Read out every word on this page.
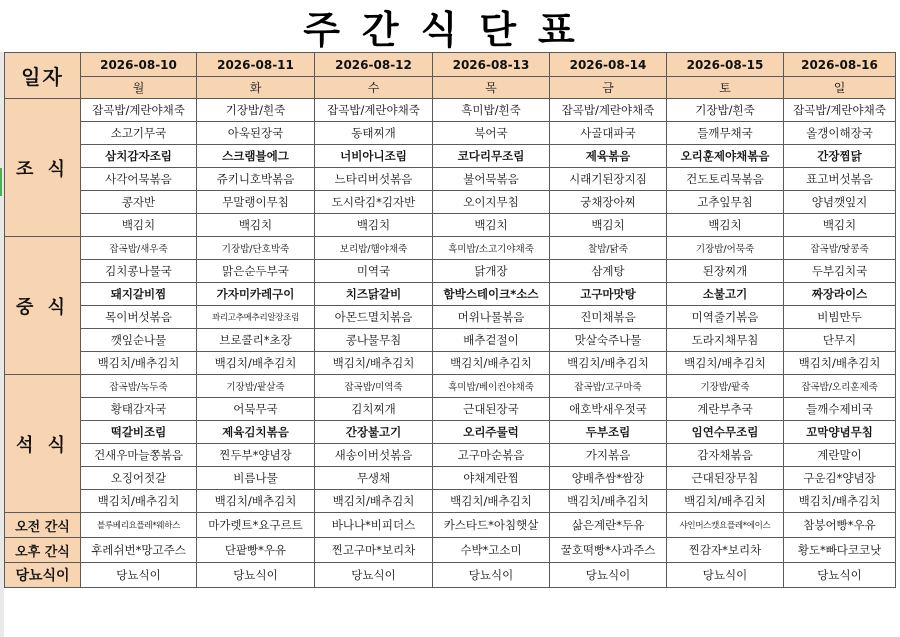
주간식단표
일자	2026-08-10	2026-08-11	2026-08-12	2026-08-13	2026-08-14	2026-08-15	2026-08-16
	월	화	수	목	금	토	일
조 식	잡곡밥/계란야채죽	기장밥/흰죽	잡곡밥/계란야채죽	흑미밥/흰죽	잡곡밥/계란야채죽	기장밥/흰죽	잡곡밥/계란야채죽
	소고기무국	아욱된장국	동태찌개	북어국	사골대파국	들깨무채국	올갱이해장국
	삼치감자조림	스크램블에그	너비아니조림	코다리무조림	제육볶음	오리훈제야채볶음	간장찜닭
	사각어묵볶음	쥬키니호박볶음	느타리버섯볶음	불어묵볶음	시래기된장지짐	건도토리묵볶음	표고버섯볶음
	콩자반	무말랭이무침	도시락김*김자반	오이지무침	궁채장아찌	고추잎무침	양념깻잎지
	백김치	백김치	백김치	백김치	백김치	백김치	백김치
중 식	잡곡밥/새우죽	기장밥/단호박죽	보리밥/햄야채죽	흑미밥/소고기야채죽	찰밥/닭죽	기장밥/어묵죽	잡곡밥/땅콩죽
	김치콩나물국	맑은순두부국	미역국	닭개장	삼계탕	된장찌개	두부김치국
	돼지갈비찜	가자미카레구이	치즈닭갈비	함박스테이크*소스	고구마맛탕	소불고기	짜장라이스
	목이버섯볶음	꽈리고추메추리알장조림	아몬드멸치볶음	머위나물볶음	진미채볶음	미역줄기볶음	비빔만두
	깻잎순나물	브로콜리*초장	콩나물무침	배추겉절이	맛살숙주나물	도라지채무침	단무지
	백김치/배추김치	백김치/배추김치	백김치/배추김치	백김치/배추김치	백김치/배추김치	백김치/배추김치	백김치/배추김치
석 식	잡곡밥/녹두죽	기장밥/팥살죽	잡곡밥/미역죽	흑미밥/베이컨야채죽	잡곡밥/고구마죽	기장밥/팥죽	잡곡밥/오리훈제죽
	황태감자국	어묵무국	김치찌개	근대된장국	애호박새우젓국	계란부추국	들깨수제비국
	떡갈비조림	제육김치볶음	간장불고기	오리주물럭	두부조림	임연수무조림	꼬막양념무침
	건새우마늘쫑볶음	찐두부*양념장	새송이버섯볶음	고구마순볶음	가지볶음	감자채볶음	계란말이
	오징어젓갈	비름나물	무생채	야채계란찜	양배추쌈*쌈장	근대된장무침	구운김*양념장
	백김치/배추김치	백김치/배추김치	백김치/배추김치	백김치/배추김치	백김치/배추김치	백김치/배추김치	백김치/배추김치
오전 간식	블루베리요플레*웨하스	마가렛트*요구르트	바나나*비피더스	카스타드*아침햇살	삶은계란*두유	샤인머스캣요플레*에이스	참붕어빵*우유
오후 간식	후레쉬번*망고주스	단팥빵*우유	찐고구마*보리차	수박*고소미	꿀호떡빵*사과주스	찐감자*보리차	황도*빠다코코낫
당뇨식이	당뇨식이	당뇨식이	당뇨식이	당뇨식이	당뇨식이	당뇨식이	당뇨식이
